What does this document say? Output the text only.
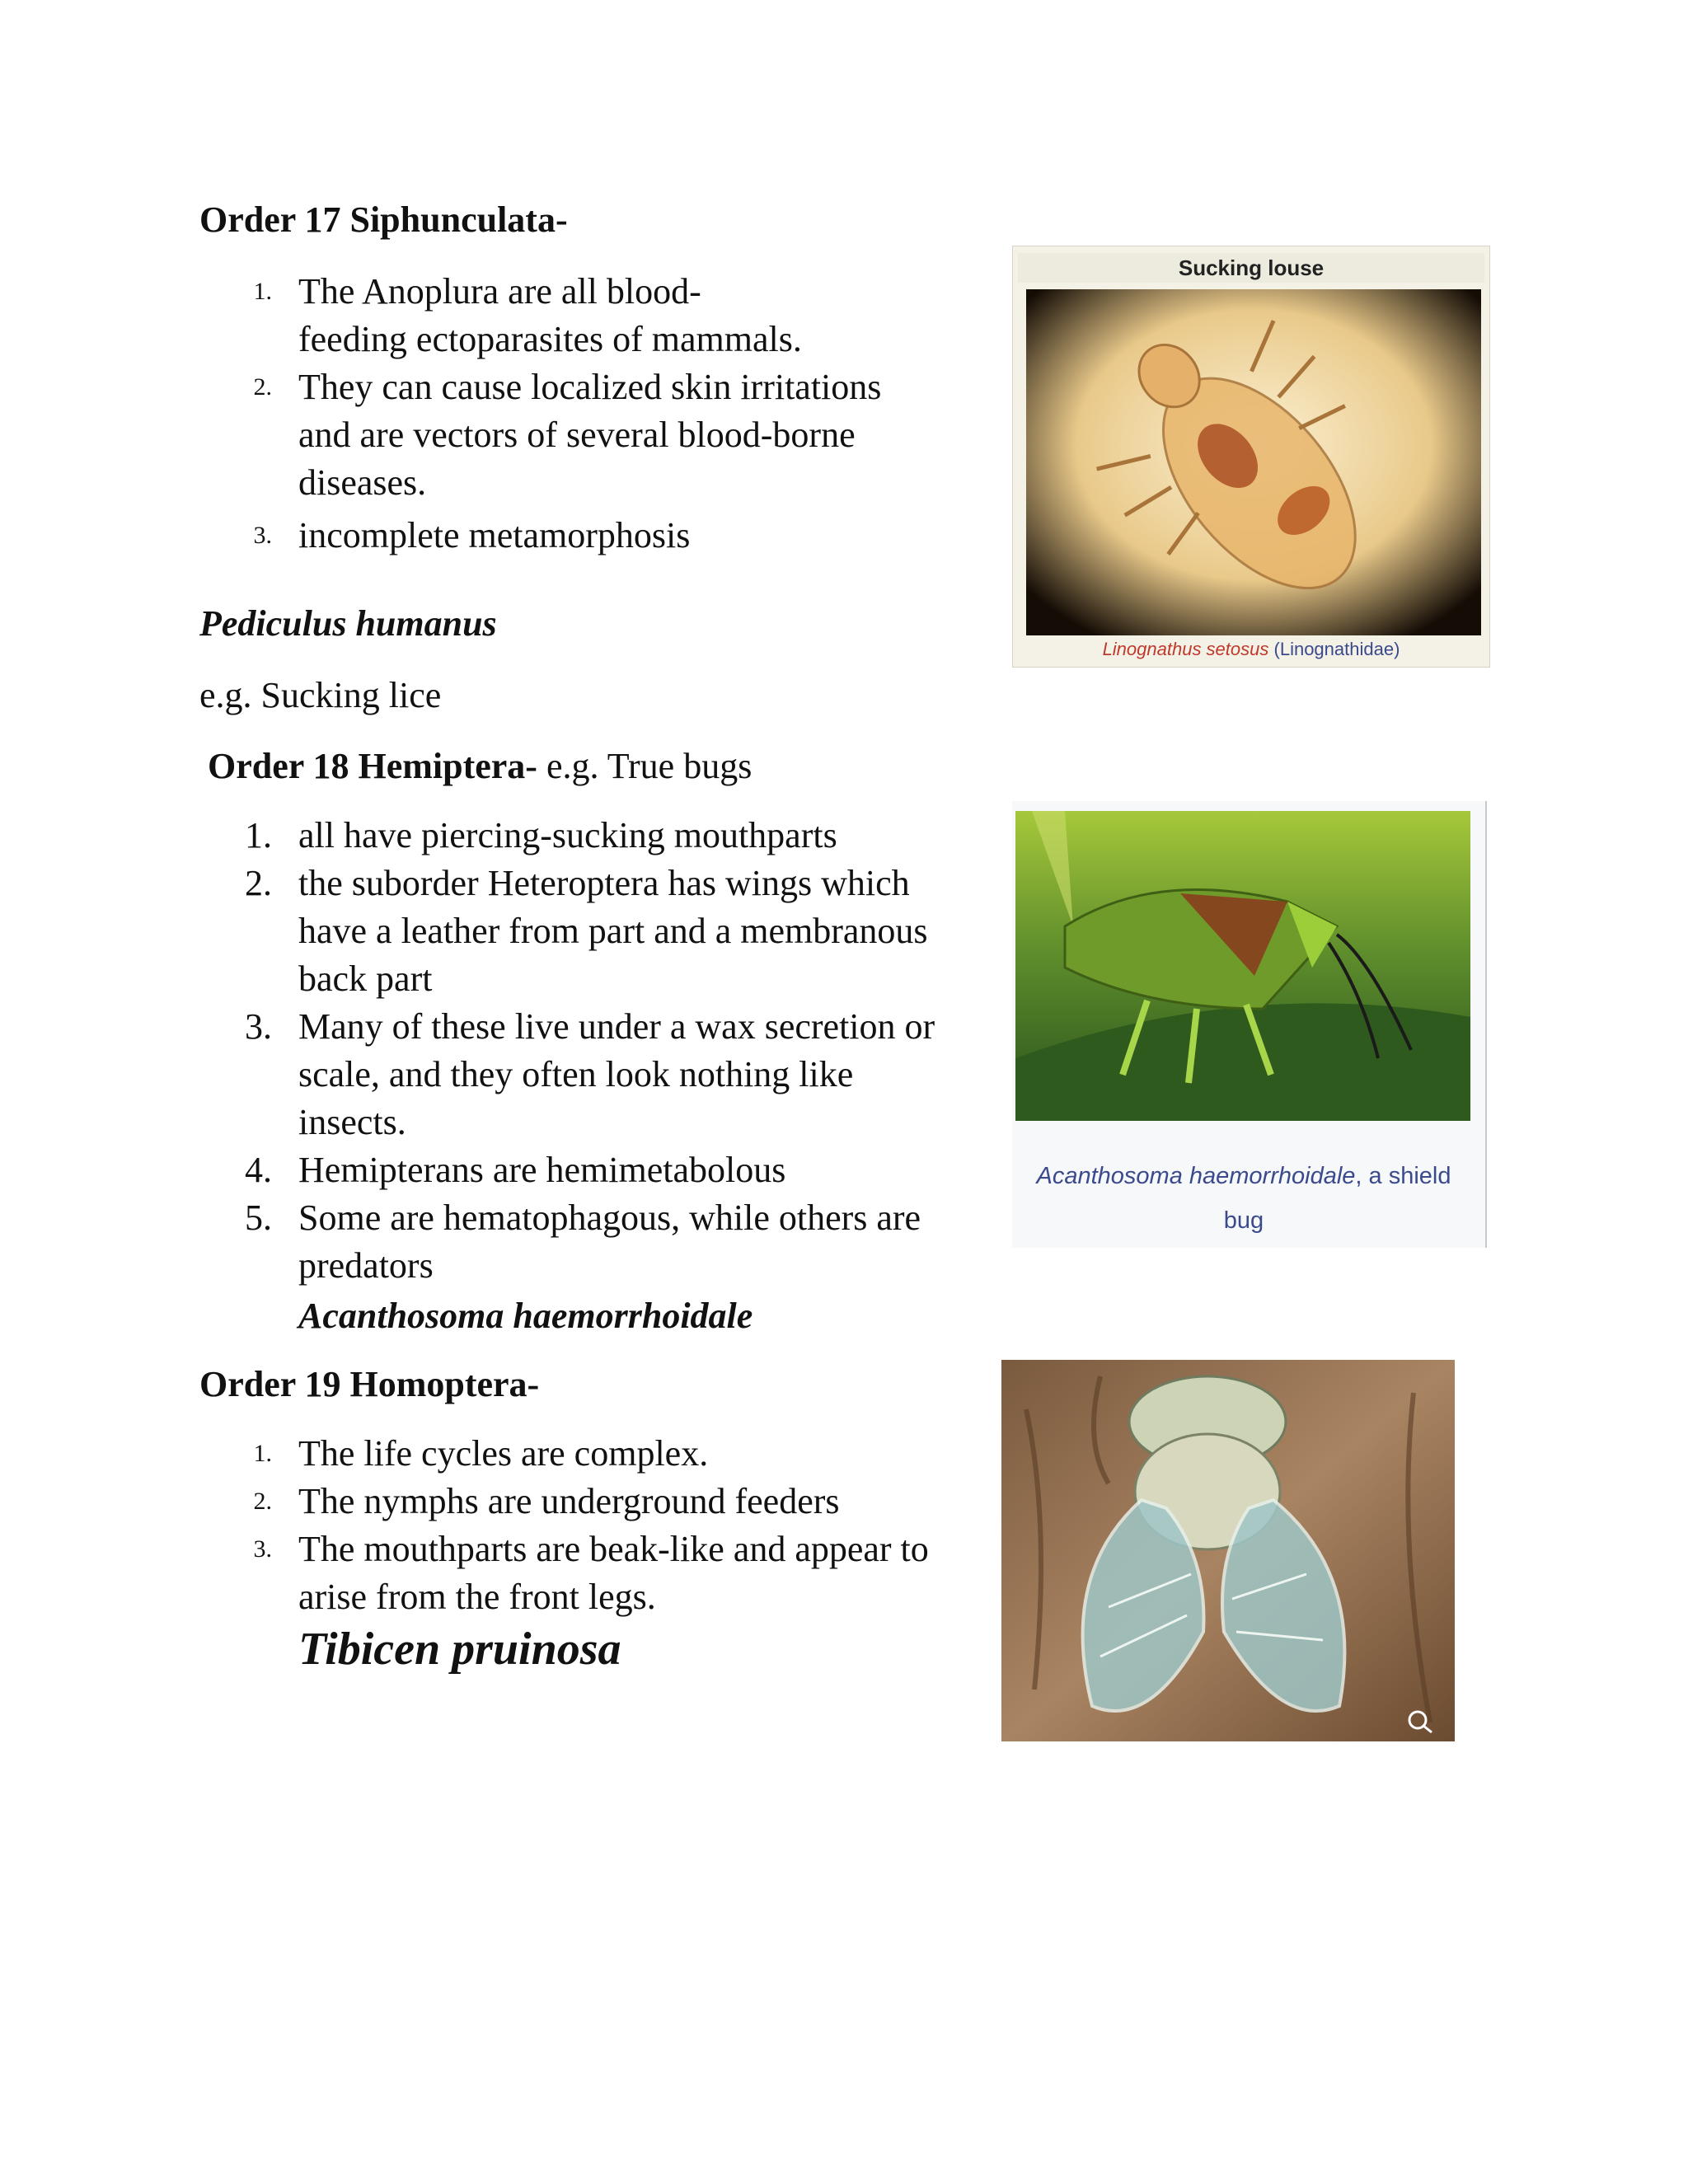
Order 17 Siphunculata-
1. The Anoplura are all blood-
feeding ectoparasites of mammals.
2. They can cause localized skin irritations
and are vectors of several blood-borne
diseases.
3. incomplete metamorphosis
Pediculus humanus
e.g. Sucking lice
Sucking louse
Linognathus setosus (Linognathidae)
Order 18 Hemiptera- e.g. True bugs
1. all have piercing-sucking mouthparts
2. the suborder Heteroptera has wings which
have a leather from part and a membranous
back part
3. Many of these live under a wax secretion or
scale, and they often look nothing like
insects.
4. Hemipterans are hemimetabolous
5. Some are hematophagous, while others are
predators
Acanthosoma haemorrhoidale
Acanthosoma haemorrhoidale, a shield
bug
Order 19 Homoptera-
1. The life cycles are complex.
2. The nymphs are underground feeders
3. The mouthparts are beak-like and appear to
arise from the front legs.
Tibicen pruinosa
